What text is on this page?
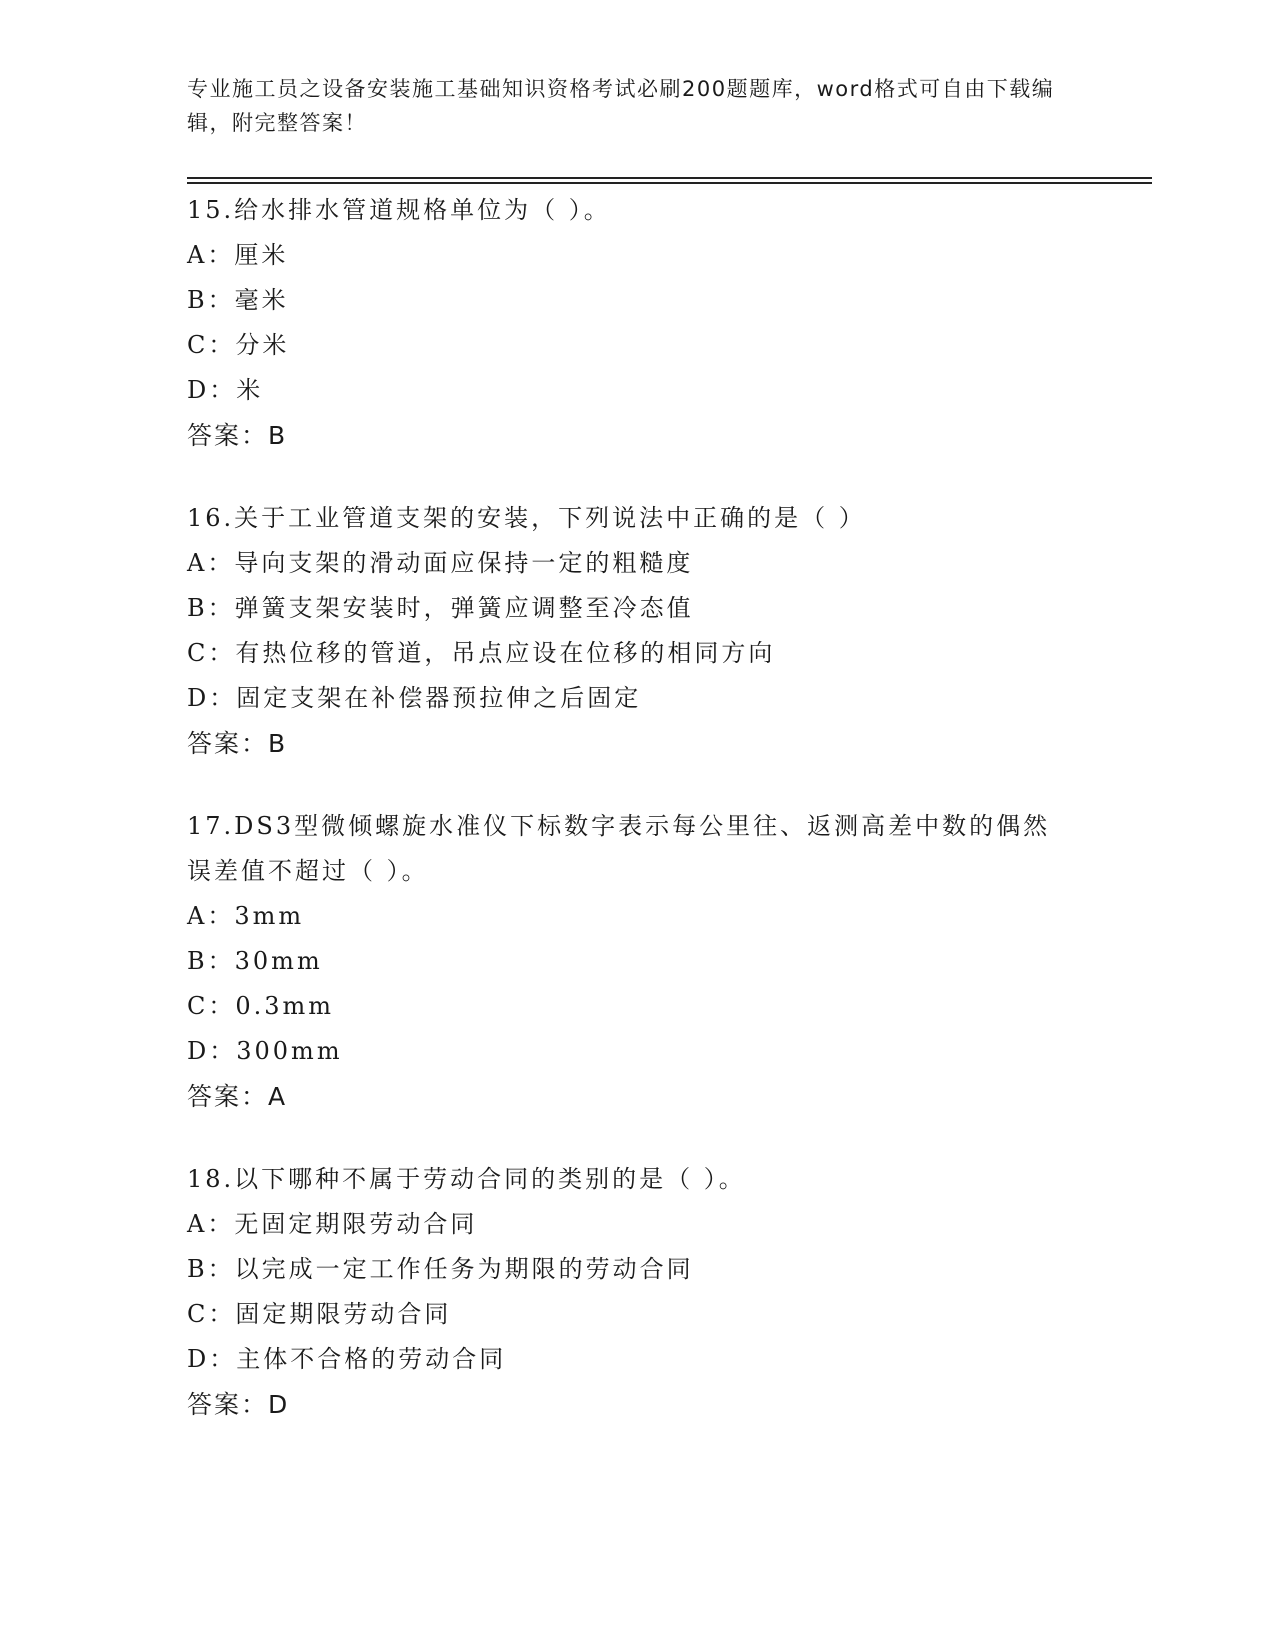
专业施工员之设备安装施工基础知识资格考试必刷200题题库，word格式可自由下载编辑，附完整答案！
15.给水排水管道规格单位为（ ）。
A：厘米
B：毫米
C：分米
D：米
答案：B
16.关于工业管道支架的安装，下列说法中正确的是（ ）
A：导向支架的滑动面应保持一定的粗糙度
B：弹簧支架安装时，弹簧应调整至冷态值
C：有热位移的管道，吊点应设在位移的相同方向
D：固定支架在补偿器预拉伸之后固定
答案：B
17.DS3型微倾螺旋水准仪下标数字表示每公里往、返测高差中数的偶然误差值不超过（ ）。
A：3mm
B：30mm
C：0.3mm
D：300mm
答案：A
18.以下哪种不属于劳动合同的类别的是（ ）。
A：无固定期限劳动合同
B：以完成一定工作任务为期限的劳动合同
C：固定期限劳动合同
D：主体不合格的劳动合同
答案：D
